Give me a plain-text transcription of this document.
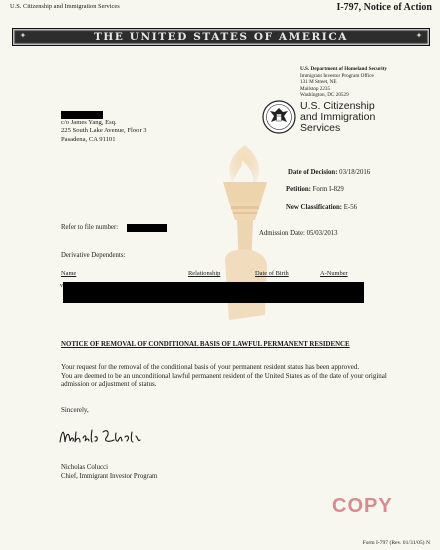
U.S. Citizenship and Immigration Services	I-797, Notice of Action
✦	THE UNITED STATES OF AMERICA	✦
U.S. Department of Homeland Security
Immigrant Investor Program Office
131 M Street, NE
Mailstop 2235
Washington, DC 20529
U.S. Citizenship
and Immigration
Services
c/o James Yang, Esq.
225 South Lake Avenue, Floor 3
Pasadena, CA 91101
Date of Decision: 03/18/2016
Petition: Form I-829
New Classification: E-56
Refer to file number:
Admission Date: 05/03/2013
Derivative Dependents:
Name	Relationship	Date of Birth	A-Number
v
NOTICE OF REMOVAL OF CONDITIONAL BASIS OF LAWFUL PERMANENT RESIDENCE
Your request for the removal of the conditional basis of your permanent resident status has been approved.
You are deemed to be an unconditional lawful permanent resident of the United States as of the date of your original admission or adjustment of status.
Sincerely,
Nicholas Colucci
Chief, Immigrant Investor Program
COPY
Form I-797 (Rev. 01/31/05) N
